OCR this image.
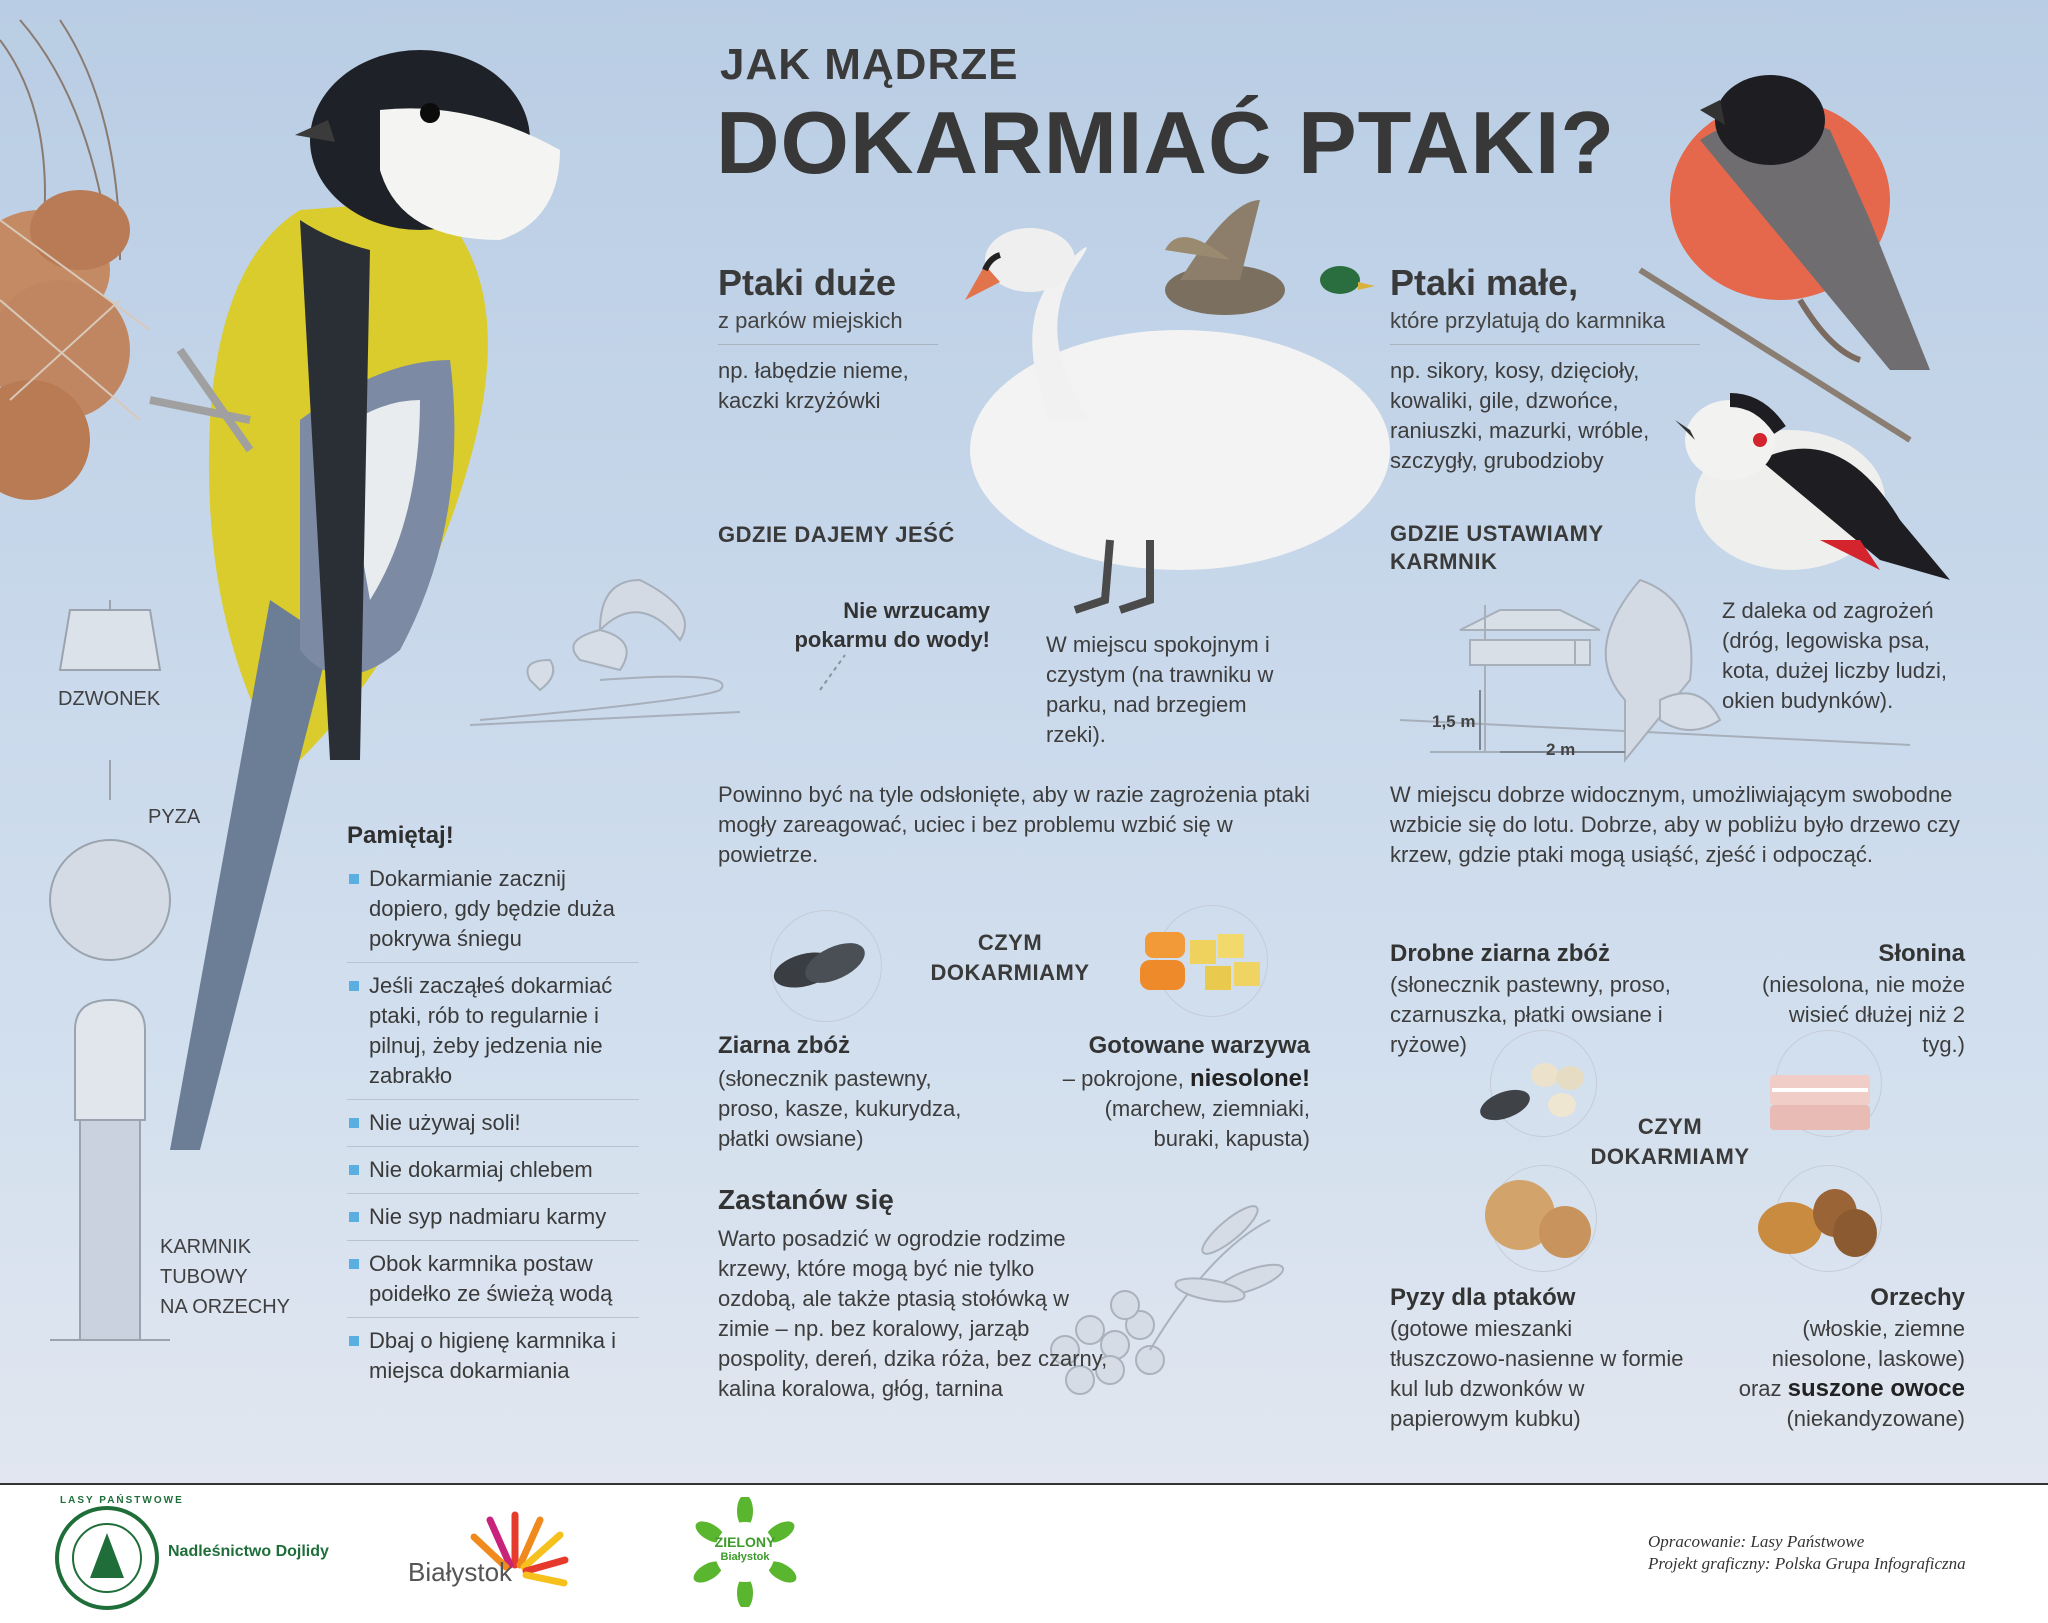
JAK MĄDRZE
DOKARMIAĆ PTAKI?
DZWONEK
PYZA
KARMNIK
TUBOWY
NA ORZECHY
Pamiętaj!
Dokarmianie zacznij dopiero, gdy będzie duża pokrywa śniegu
Jeśli zacząłeś dokarmiać ptaki, rób to regularnie i pilnuj, żeby jedzenia nie zabrakło
Nie używaj soli!
Nie dokarmiaj chlebem
Nie syp nadmiaru karmy
Obok karmnika postaw poidełko ze świeżą wodą
Dbaj o higienę karmnika i miejsca dokarmiania
Ptaki duże
z parków miejskich
np. łabędzie nieme, kaczki krzyżówki
GDZIE DAJEMY JEŚĆ
Nie wrzucamy pokarmu do wody!	W miejscu spokojnym i czystym (na trawniku w parku, nad brzegiem rzeki).
Powinno być na tyle odsłonięte, aby w razie zagrożenia ptaki mogły zareagować, uciec i bez problemu wzbić się w powietrze.
CZYM DOKARMIAMY
Ziarna zbóż
(słonecznik pastewny, proso, kasze, kukurydza, płatki owsiane)
Gotowane warzywa
– pokrojone, niesolone!
(marchew, ziemniaki, buraki, kapusta)
Zastanów się
Warto posadzić w ogrodzie rodzime krzewy, które mogą być nie tylko ozdobą, ale także ptasią stołówką w zimie – np. bez koralowy, jarząb pospolity, dereń, dzika róża, bez czarny, kalina koralowa, głóg, tarnina
Ptaki małe,
które przylatują do karmnika
np. sikory, kosy, dzięcioły, kowaliki, gile, dzwońce, raniuszki, mazurki, wróble, szczygły, grubodzioby
GDZIE USTAWIAMY KARMNIK
1,5 m
2 m
Z daleka od zagrożeń (dróg, legowiska psa, kota, dużej liczby ludzi, okien budynków).
W miejscu dobrze widocznym, umożliwiającym swobodne wzbicie się do lotu. Dobrze, aby w pobliżu było drzewo czy krzew, gdzie ptaki mogą usiąść, zjeść i odpocząć.
Drobne ziarna zbóż
(słonecznik pastewny, proso, czarnuszka, płatki owsiane i ryżowe)
Słonina
(niesolona, nie może wisieć dłużej niż 2 tyg.)
CZYM DOKARMIAMY
Pyzy dla ptaków
(gotowe mieszanki tłuszczowo-nasienne w formie kul lub dzwonków w papierowym kubku)
Orzechy
(włoskie, ziemne niesolone, laskowe)
oraz suszone owoce
(niekandyzowane)
LASY PAŃSTWOWE
Nadleśnictwo Dojlidy
Białystok
ZIELONY
Białystok
Opracowanie: Lasy Państwowe
Projekt graficzny: Polska Grupa Infograficzna
